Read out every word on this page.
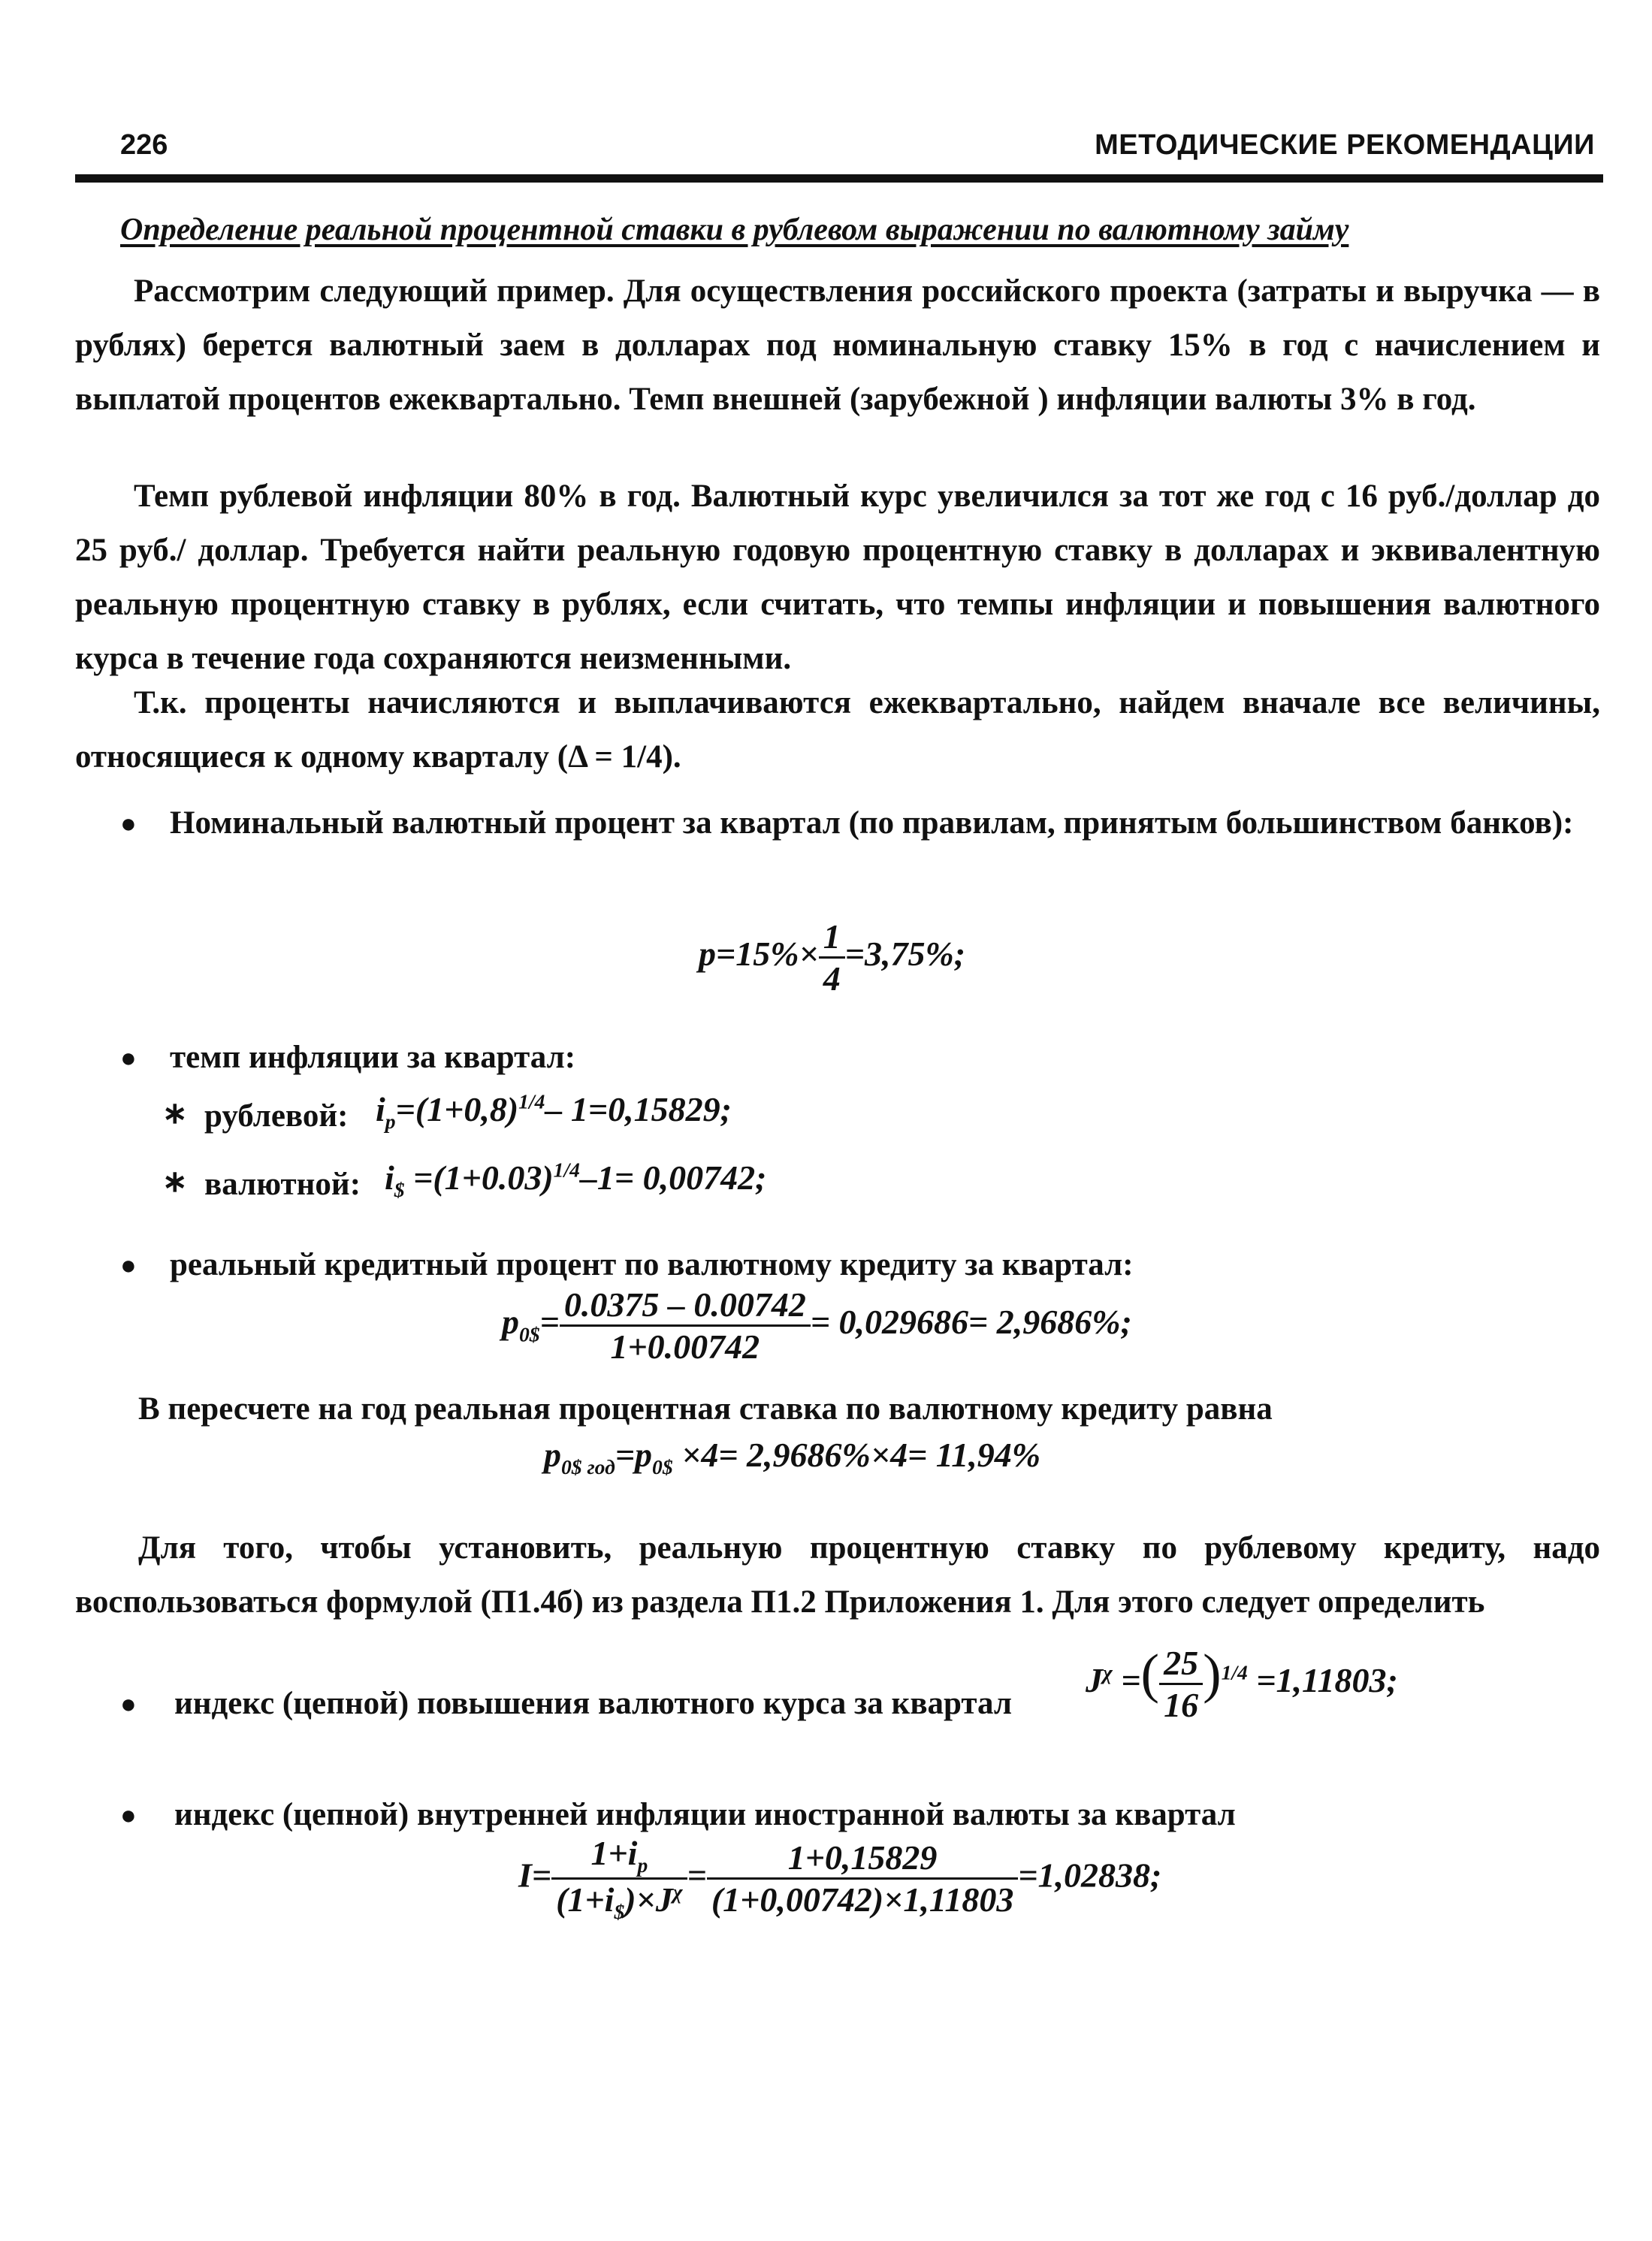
226	МЕТОДИЧЕСКИЕ РЕКОМЕНДАЦИИ
Определение реальной процентной ставки в рублевом выражении по валютному займу
Рассмотрим следующий пример. Для осуществления российского проекта (затраты и выручка — в рублях) берется валютный заем в долларах под номинальную ставку 15% в год с начислением и выплатой процентов ежеквартально. Темп внешней (зарубежной ) инфляции валюты 3% в год.
Темп рублевой инфляции 80% в год. Валютный курс увеличился за тот же год с 16 руб./доллар до 25 руб./ доллар. Требуется найти реальную годовую процентную ставку в долларах и эквивалентную реальную процентную ставку в рублях, если считать, что темпы инфляции и повышения валютного курса в течение года сохраняются неизменными.
Т.к. проценты начисляются и выплачиваются ежеквартально, найдем вначале все величины, относящиеся к одному кварталу (Δ = 1/4).
● Номинальный валютный процент за квартал (по правилам, принятым большинством банков):
$p=15\%\times \frac{1}{4} =3,75\%$;
● темп инфляции за квартал:
∗ рублевой: $i_p=(1+0,8)^{1/4}-$ 1=0,15829;
∗ валютной: $i_{\$} =(1+0.03)^{1/4}-1= 0,00742$;
● реальный кредитный процент по валютному кредиту за квартал:
$p_{0\$}= \frac{0.0375 - 0.00742}{1+0.00742} = 0,029686= 2,9686\%$;
В пересчете на год реальная процентная ставка по валютному кредиту равна
$p_{0\$ год}=p_{0\$} \times 4= 2,9686\%\times 4= 11,94\%$
Для того, чтобы установить, реальную процентную ставку по рублевому кредиту, надо воспользоваться формулой (П1.4б) из раздела П1.2 Приложения 1. Для этого следует определить
● индекс (цепной) повышения валютного курса за квартал
$J^\chi$ =( $\frac{25}{16} )^{1/4} =1,11803$;
● индекс (цепной) внутренней инфляции иностранной валюты за квартал
$I= \frac{1+i_p}{(1+i_{\$})\times J^\chi} = \frac{1+0,15829}{(1+0,00742)\times 1,11803} =1,02838$;
